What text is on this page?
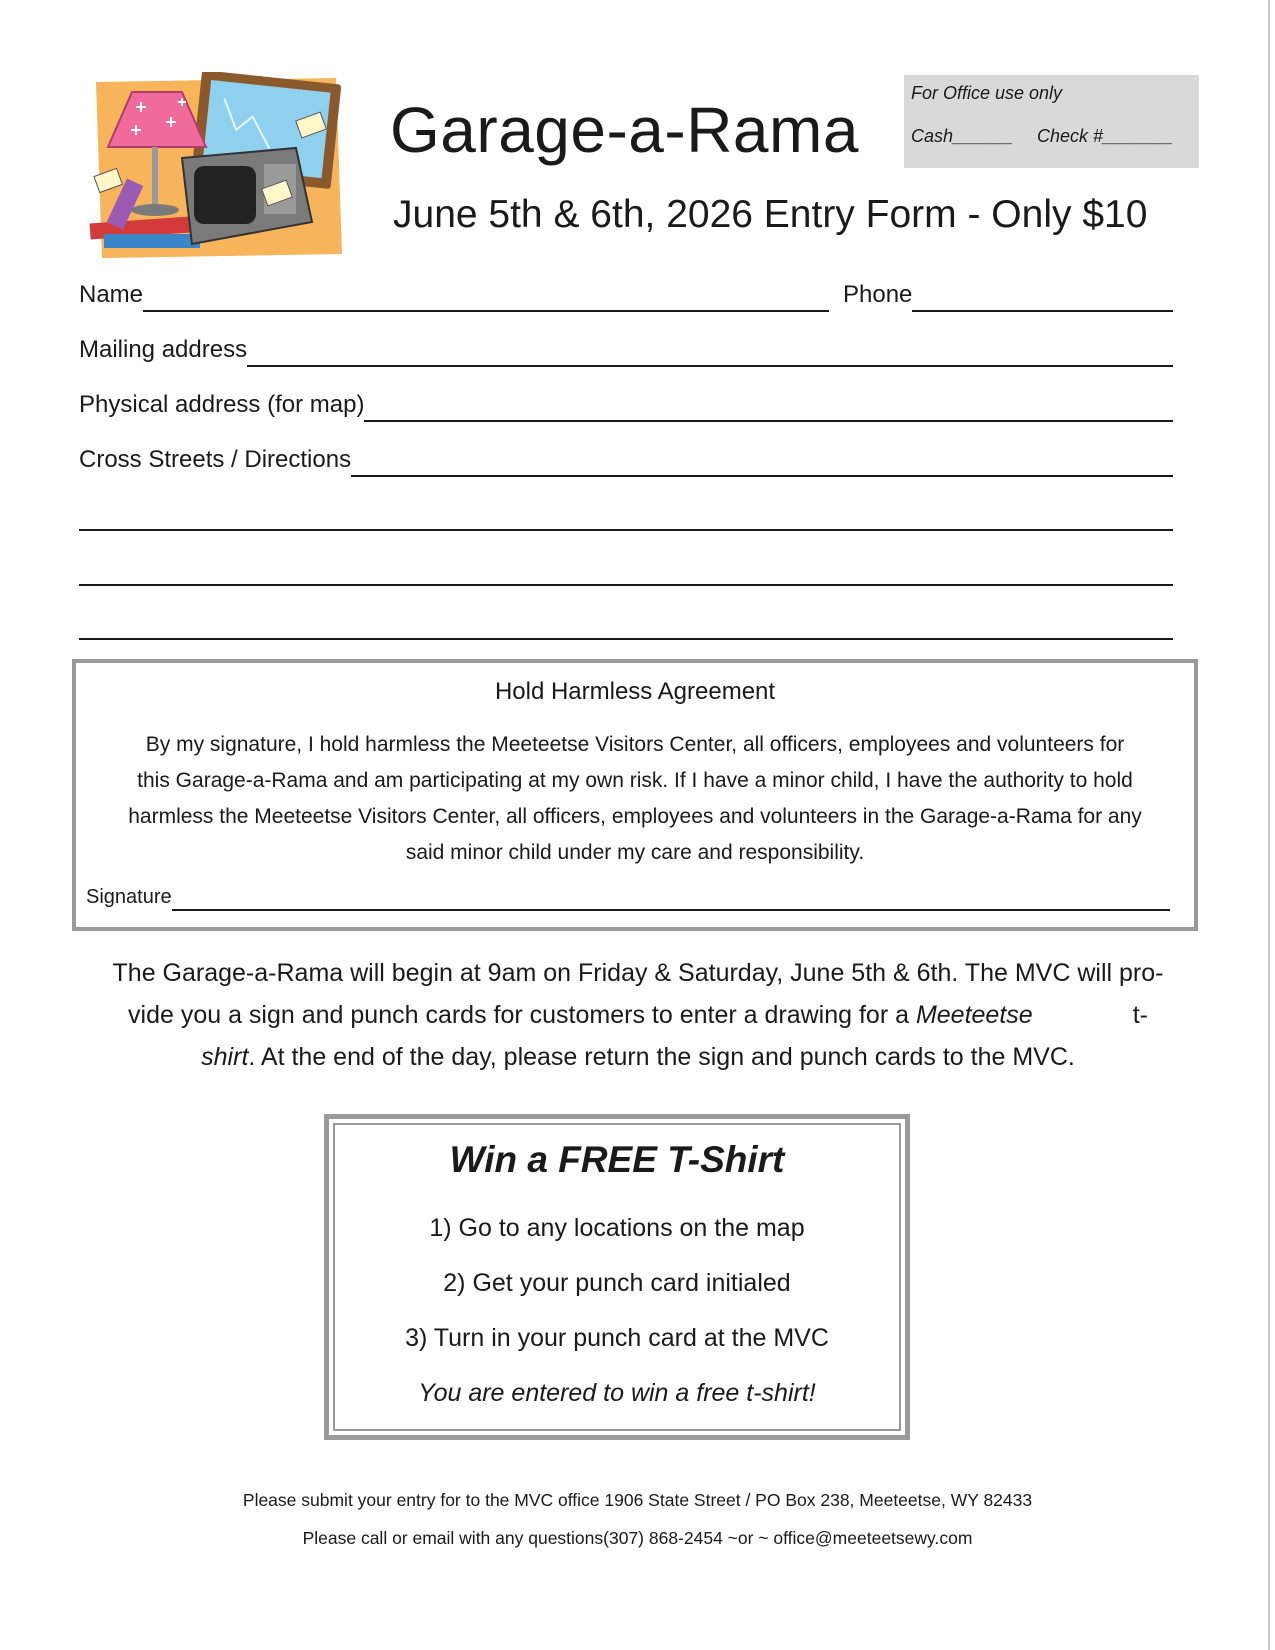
Garage-a-Rama
June 5th & 6th, 2026 Entry Form - Only $10
For Office use only
Cash______ Check #_______
Name	Phone
Mailing address
Physical address (for map)
Cross Streets / Directions
Hold Harmless Agreement
By my signature, I hold harmless the Meeteetse Visitors Center, all officers, employees and volunteers for
this Garage-a-Rama and am participating at my own risk. If I have a minor child, I have the authority to hold
harmless the Meeteetse Visitors Center, all officers, employees and volunteers in the Garage-a-Rama for any
said minor child under my care and responsibility.
Signature
The Garage-a-Rama will begin at 9am on Friday & Saturday, June 5th & 6th. The MVC will pro-
vide you a sign and punch cards for customers to enter a drawing for a Meeteetse	t-
shirt. At the end of the day, please return the sign and punch cards to the MVC.
Win a FREE T-Shirt
1) Go to any locations on the map
2) Get your punch card initialed
3) Turn in your punch card at the MVC
You are entered to win a free t-shirt!
Please submit your entry for to the MVC office 1906 State Street / PO Box 238, Meeteetse, WY 82433
Please call or email with any questions(307) 868-2454 ~or ~ office@meeteetsewy.com
